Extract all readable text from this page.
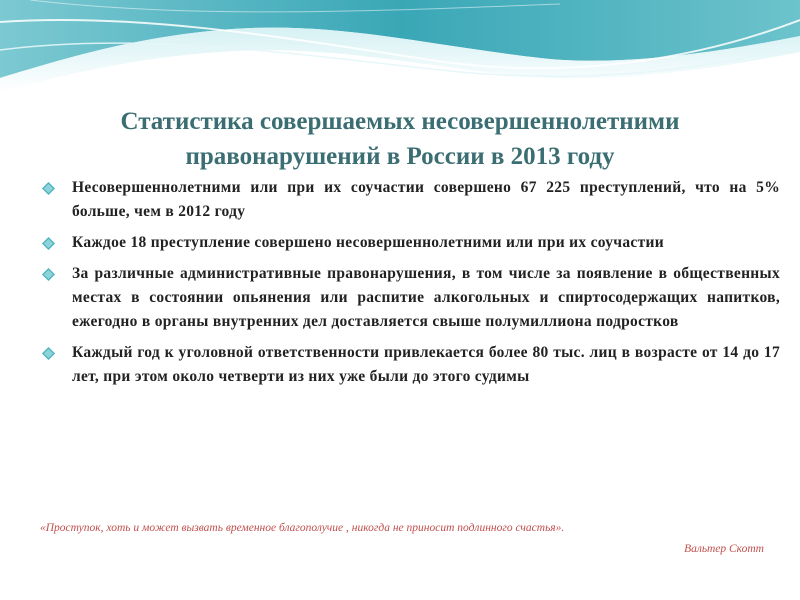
Статистика совершаемых несовершеннолетними
правонарушений в России в 2013 году
Несовершеннолетними или при их соучастии совершено 67 225 преступлений, что на 5% больше, чем в 2012 году
Каждое 18 преступление совершено несовершеннолетними или при их соучастии
За различные административные правонарушения, в том числе за появление в общественных местах в состоянии опьянения или распитие алкогольных и спиртосодержащих напитков, ежегодно в органы внутренних дел доставляется свыше полумиллиона подростков
Каждый год к уголовной ответственности привлекается более 80 тыс. лиц в возрасте от 14 до 17 лет, при этом около четверти из них уже были до этого судимы
«Проступок, хоть и может вызвать временное благополучие , никогда не приносит подлинного счастья».
Вальтер Скотт
